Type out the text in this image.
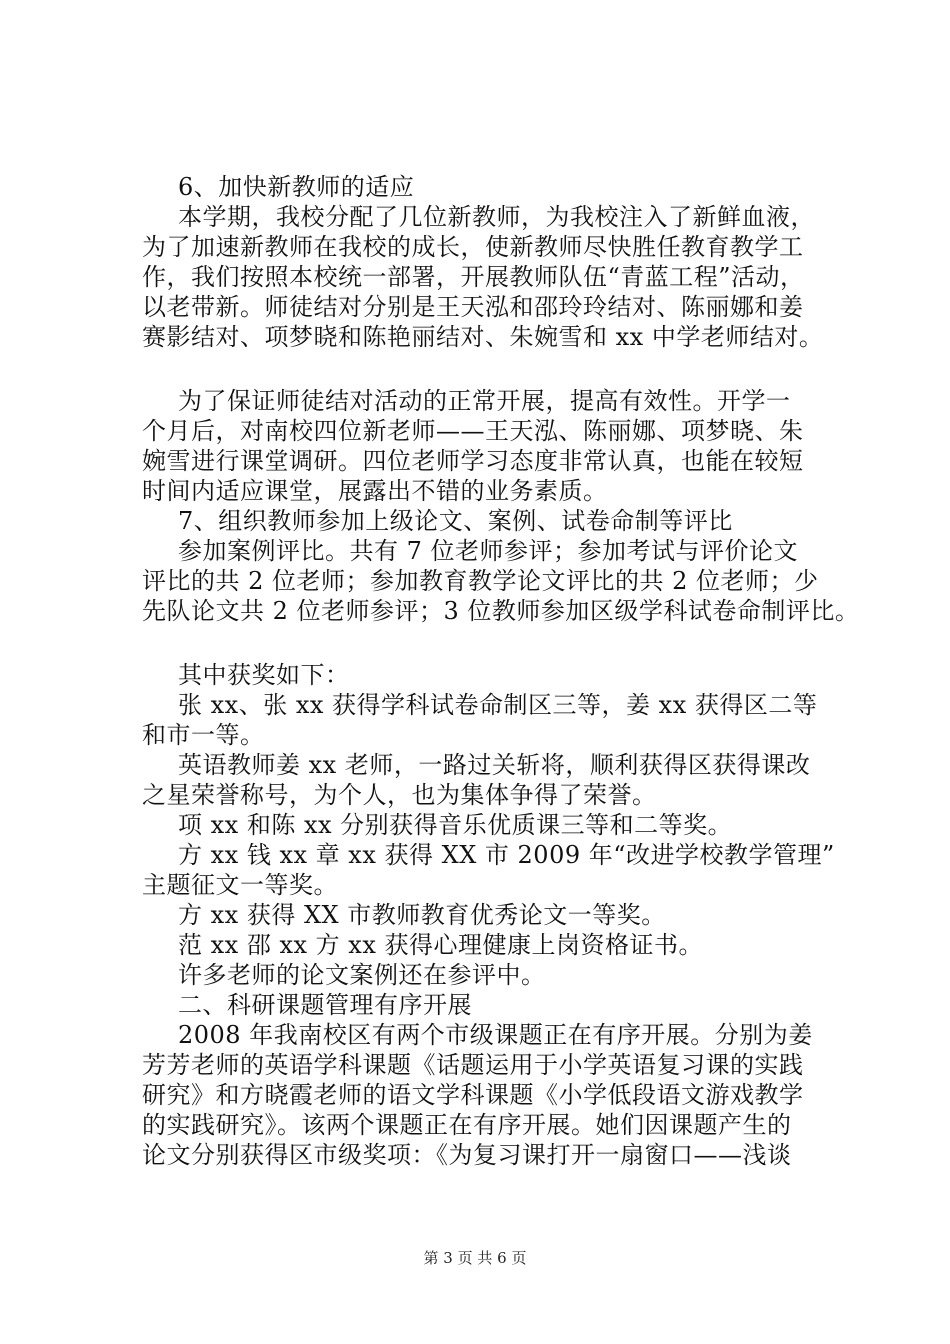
6、加快新教师的适应
本学期，我校分配了几位新教师，为我校注入了新鲜血液，
为了加速新教师在我校的成长，使新教师尽快胜任教育教学工
作，我们按照本校统一部署，开展教师队伍“青蓝工程”活动，
以老带新。师徒结对分别是王天泓和邵玲玲结对、陈丽娜和姜
赛影结对、项梦晓和陈艳丽结对、朱婉雪和 xx 中学老师结对。
为了保证师徒结对活动的正常开展，提高有效性。开学一
个月后，对南校四位新老师——王天泓、陈丽娜、项梦晓、朱
婉雪进行课堂调研。四位老师学习态度非常认真，也能在较短
时间内适应课堂，展露出不错的业务素质。
7、组织教师参加上级论文、案例、试卷命制等评比
参加案例评比。共有 7 位老师参评；参加考试与评价论文
评比的共 2 位老师；参加教育教学论文评比的共 2 位老师；少
先队论文共 2 位老师参评；3 位教师参加区级学科试卷命制评比。
其中获奖如下：
张 xx、张 xx 获得学科试卷命制区三等，姜 xx 获得区二等
和市一等。
英语教师姜 xx 老师，一路过关斩将，顺利获得区获得课改
之星荣誉称号，为个人，也为集体争得了荣誉。
项 xx 和陈 xx 分别获得音乐优质课三等和二等奖。
方 xx 钱 xx 章 xx 获得 XX 市 2009 年“改进学校教学管理”
主题征文一等奖。
方 xx 获得 XX 市教师教育优秀论文一等奖。
范 xx 邵 xx 方 xx 获得心理健康上岗资格证书。
许多老师的论文案例还在参评中。
二、科研课题管理有序开展
2008 年我南校区有两个市级课题正在有序开展。分别为姜
芳芳老师的英语学科课题《话题运用于小学英语复习课的实践
研究》和方晓霞老师的语文学科课题《小学低段语文游戏教学
的实践研究》。该两个课题正在有序开展。她们因课题产生的
论文分别获得区市级奖项：《为复习课打开一扇窗口——浅谈
第 3 页 共 6 页
